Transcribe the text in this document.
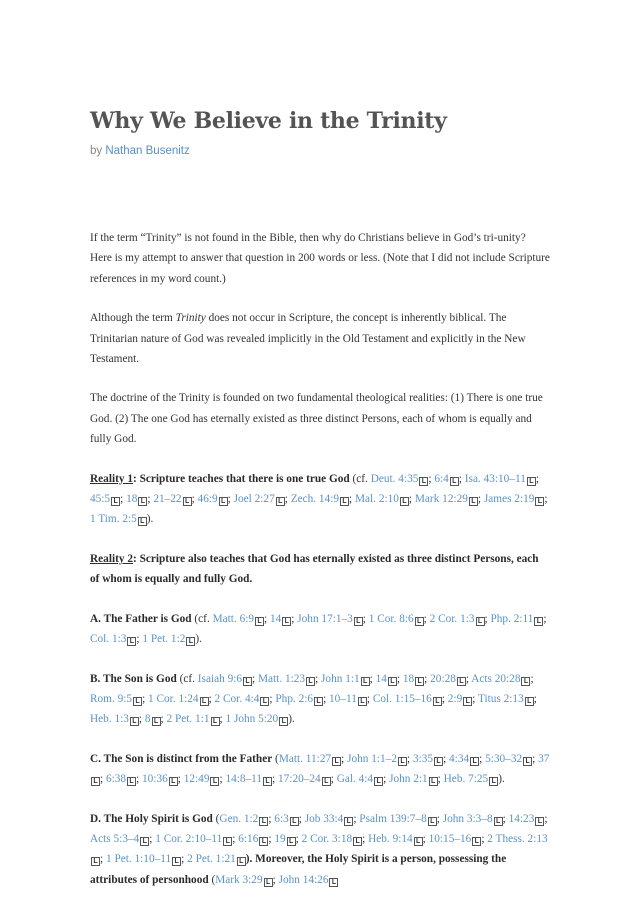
Why We Believe in the Trinity
by Nathan Busenitz

If the term “Trinity” is not found in the Bible, then why do Christians believe in God’s tri-unity? Here is my attempt to answer that question in 200 words or less. (Note that I did not include Scripture references in my word count.)

Although the term Trinity does not occur in Scripture, the concept is inherently biblical. The Trinitarian nature of God was revealed implicitly in the Old Testament and explicitly in the New Testament.

The doctrine of the Trinity is founded on two fundamental theological realities: (1) There is one true God. (2) The one God has eternally existed as three distinct Persons, each of whom is equally and fully God.

Reality 1: Scripture teaches that there is one true God (cf. Deut. 4:35 L ; 6:4 L ; Isa. 43:10–11 L ; 45:5 L ; 18 L ; 21–22 L ; 46:9 L ; Joel 2:27 L ; Zech. 14:9 L ; Mal. 2:10 L ; Mark 12:29 L ; James 2:19 L ; 1 Tim. 2:5 L ).

Reality 2: Scripture also teaches that God has eternally existed as three distinct Persons, each of whom is equally and fully God.

A. The Father is God (cf. Matt. 6:9 L ; 14 L ; John 17:1–3 L ; 1 Cor. 8:6 L ; 2 Cor. 1:3 L ; Php. 2:11 L ; Col. 1:3 L ; 1 Pet. 1:2 L ).

B. The Son is God (cf. Isaiah 9:6 L ; Matt. 1:23 L ; John 1:1 L ; 14 L ; 18 L ; 20:28 L ; Acts 20:28 L ; Rom. 9:5 L ; 1 Cor. 1:24 L ; 2 Cor. 4:4 L ; Php. 2:6 L ; 10–11 L ; Col. 1:15–16 L ; 2:9 L ; Titus 2:13 L ; Heb. 1:3 L ; 8 L ; 2 Pet. 1:1 L ; 1 John 5:20 L ).

C. The Son is distinct from the Father (Matt. 11:27 L ; John 1:1–2 L ; 3:35 L ; 4:34 L ; 5:30–32 L ; 37L ; 6:38 L ; 10:36 L ; 12:49 L ; 14:8–11 L ; 17:20–24 L ; Gal. 4:4 L ; John 2:1 L ; Heb. 7:25 L ).

D. The Holy Spirit is God (Gen. 1:2 L ; 6:3 L ; Job 33:4 L ; Psalm 139:7–8 L ; John 3:3–8 L ; 14:23 L ; Acts 5:3–4 L ; 1 Cor. 2:10–11 L ; 6:16 L ; 19 L ; 2 Cor. 3:18 L ; Heb. 9:14 L ; 10:15–16 L ; 2 Thess. 2:13L ; 1 Pet. 1:10–11 L ; 2 Pet. 1:21 L ). Moreover, the Holy Spirit is a person, possessing the attributes of personhood (Mark 3:29 L ; John 14:26 L
